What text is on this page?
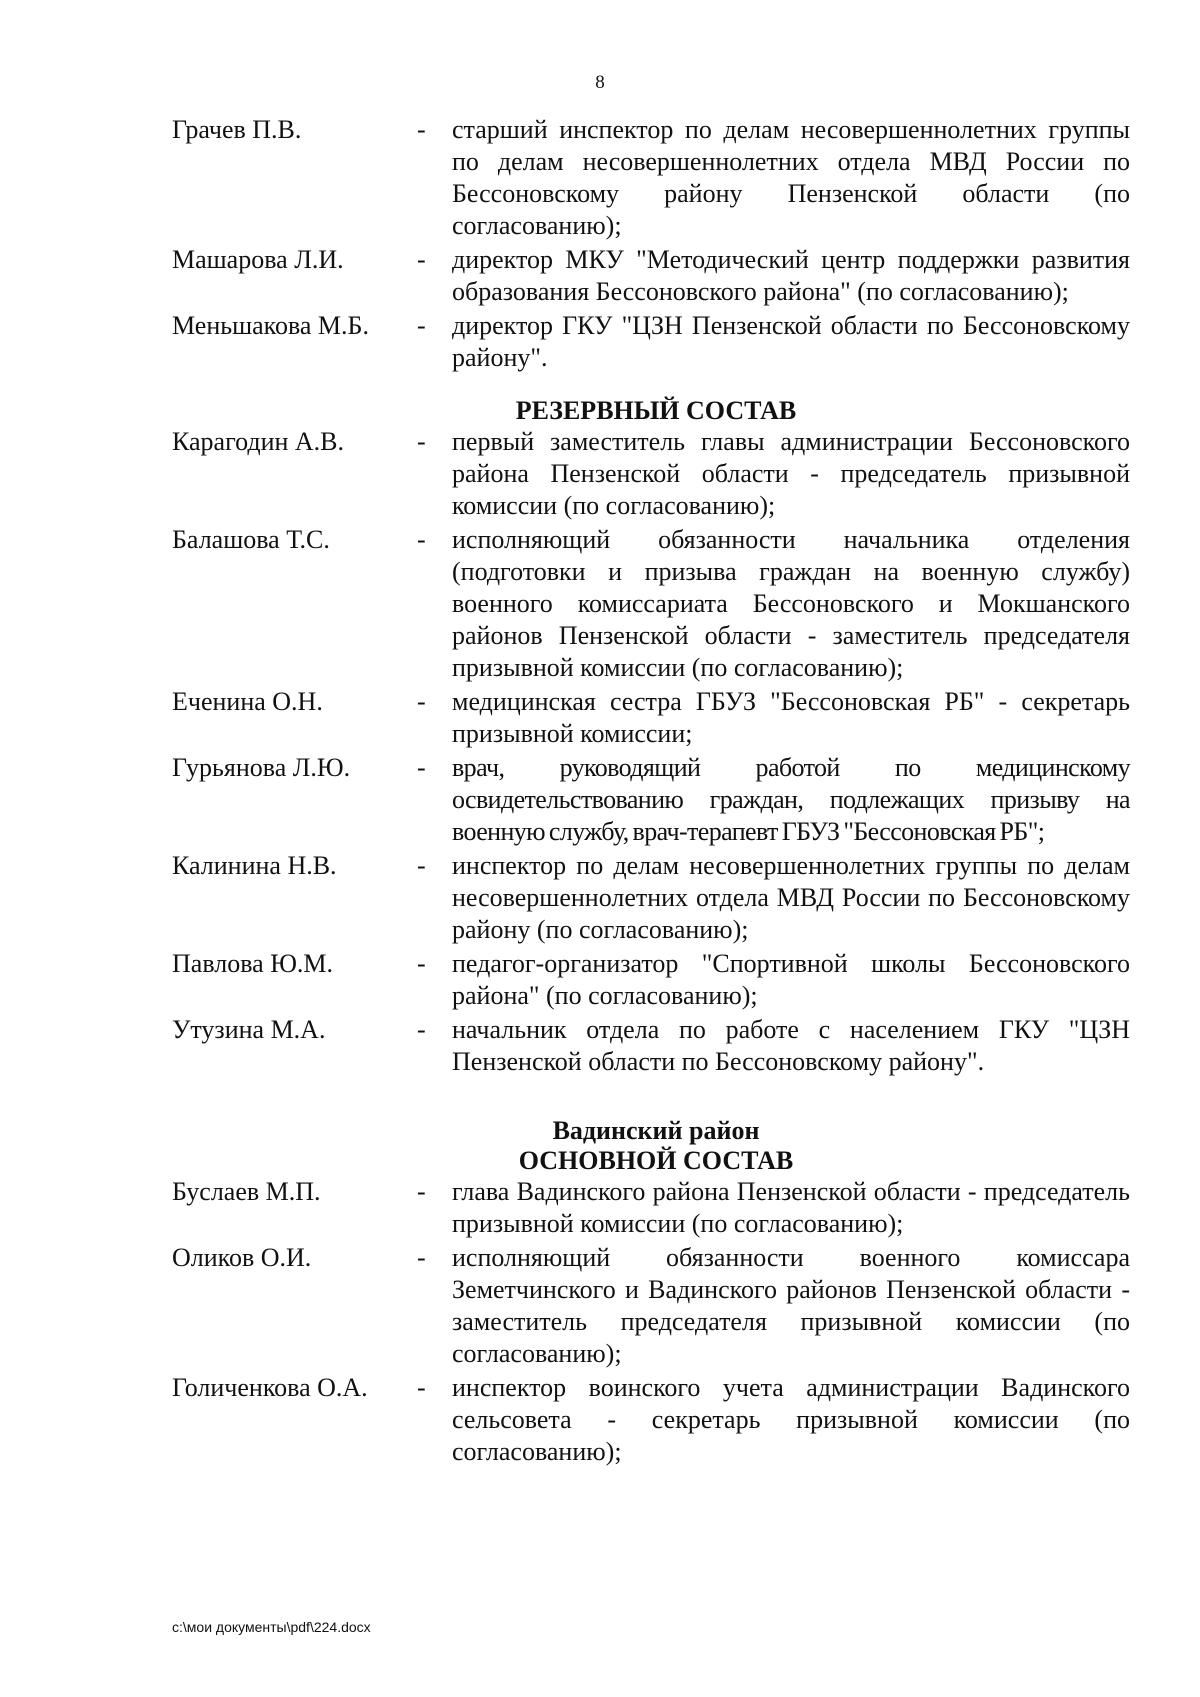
8
Грачев П.В.	-	старший инспектор по делам несовершеннолетних группы по делам несовершеннолетних отдела МВД России по Бессоновскому району Пензенской области (по согласованию);
Машарова Л.И.	-	директор МКУ "Методический центр поддержки развития образования Бессоновского района" (по согласованию);
Меньшакова М.Б.	-	директор ГКУ "ЦЗН Пензенской области по Бессоновскому району".
РЕЗЕРВНЫЙ СОСТАВ
Карагодин А.В.	-	первый заместитель главы администрации Бессоновского района Пензенской области - председатель призывной комиссии (по согласованию);
Балашова Т.С.	-	исполняющий обязанности начальника отделения (подготовки и призыва граждан на военную службу) военного комиссариата Бессоновского и Мокшанского районов Пензенской области - заместитель председателя призывной комиссии (по согласованию);
Еченина О.Н.	-	медицинская сестра ГБУЗ "Бессоновская РБ" - секретарь призывной комиссии;
Гурьянова Л.Ю.	-	врач, руководящий работой по медицинскому освидетельствованию граждан, подлежащих призыву на военную службу, врач-терапевт ГБУЗ "Бессоновская РБ";
Калинина Н.В.	-	инспектор по делам несовершеннолетних группы по делам несовершеннолетних отдела МВД России по Бессоновскому району (по согласованию);
Павлова Ю.М.	-	педагог-организатор "Спортивной школы Бессоновского района" (по согласованию);
Утузина М.А.	-	начальник отдела по работе с населением ГКУ "ЦЗН Пензенской области по Бессоновскому району".
Вадинский район
ОСНОВНОЙ СОСТАВ
Буслаев М.П.	-	глава Вадинского района Пензенской области - председатель призывной комиссии (по согласованию);
Оликов О.И.	-	исполняющий обязанности военного комиссара Земетчинского и Вадинского районов Пензенской области - заместитель председателя призывной комиссии (по согласованию);
Голиченкова О.А.	-	инспектор воинского учета администрации Вадинского сельсовета - секретарь призывной комиссии (по согласованию);
c:\мои документы\pdf\224.docx
